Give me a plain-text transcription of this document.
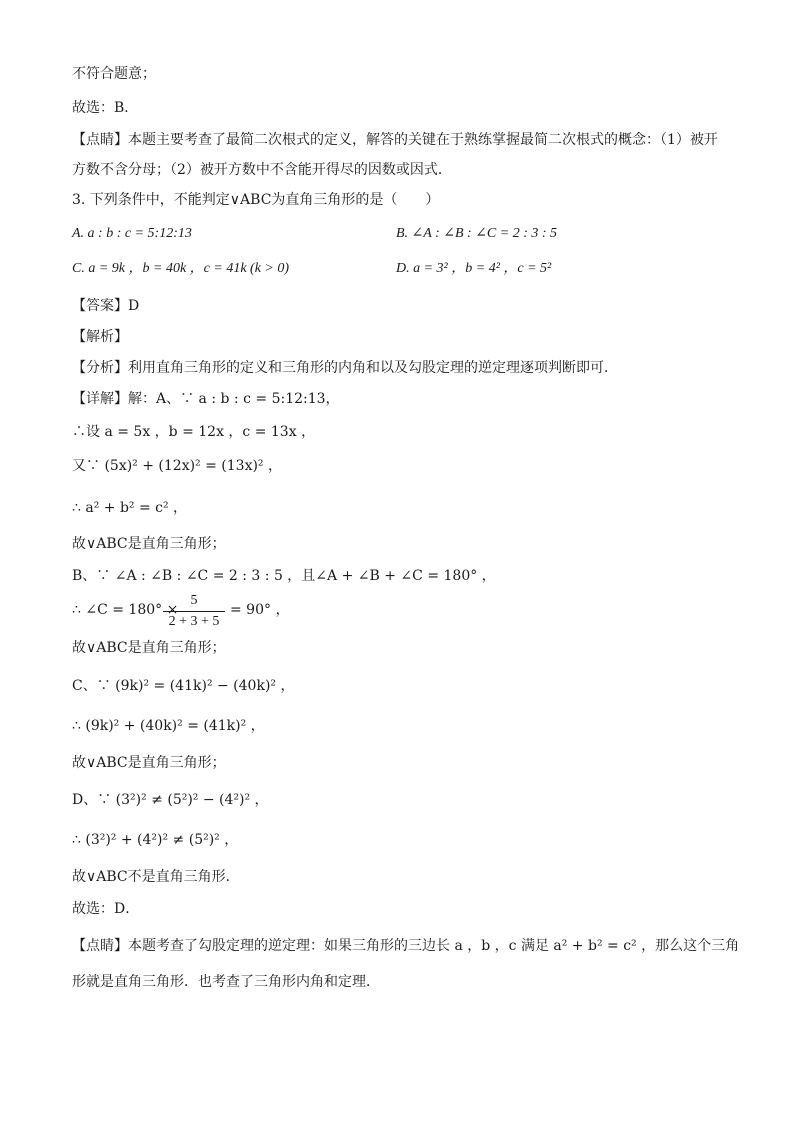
不符合题意；
故选：B．
【点睛】本题主要考查了最简二次根式的定义，解答的关键在于熟练掌握最简二次根式的概念：（1）被开
方数不含分母；（2）被开方数中不含能开得尽的因数或因式．
3. 下列条件中，不能判定∨ABC为直角三角形的是（　　）
A. a : b : c = 5:12:13	B. ∠A : ∠B : ∠C = 2 : 3 : 5
C. a = 9k ，b = 40k ，c = 41k (k > 0)	D. a = 3² ，b = 4² ，c = 5²
【答案】D
【解析】
【分析】利用直角三角形的定义和三角形的内角和以及勾股定理的逆定理逐项判断即可．
【详解】解：A、∵ a : b : c = 5:12:13，
∴设 a = 5x ，b = 12x ，c = 13x ，
又∵ (5x)² + (12x)² = (13x)² ，
∴ a² + b² = c² ，
故∨ABC是直角三角形；
B、∵ ∠A : ∠B : ∠C = 2 : 3 : 5 ，且∠A + ∠B + ∠C = 180° ，
∴ ∠C = 180° ×
5
2 + 3 + 5
= 90° ，
故∨ABC是直角三角形；
C、∵ (9k)² = (41k)² − (40k)² ，
∴ (9k)² + (40k)² = (41k)² ，
故∨ABC是直角三角形；
D、∵ (3²)² ≠ (5²)² − (4²)² ，
∴ (3²)² + (4²)² ≠ (5²)² ，
故∨ABC不是直角三角形．
故选：D．
【点睛】本题考查了勾股定理的逆定理：如果三角形的三边长 a ，b ，c 满足 a² + b² = c² ，那么这个三角
形就是直角三角形．也考查了三角形内角和定理．
